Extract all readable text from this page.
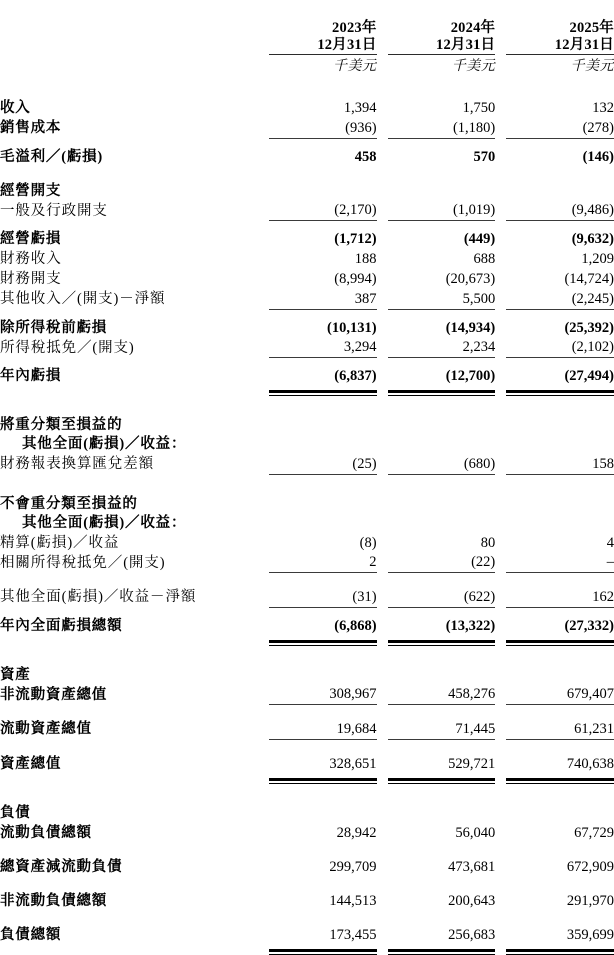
		2023年		2024年		2025年
		12月31日		12月31日		12月31日
		千美元		千美元		千美元

收入
		1,394		1,750		132

銷售成本
		(936)		(1,180)		(278)

毛溢利／(虧損)
		458		570		(146)

經營開支

一般及行政開支
		(2,170)		(1,019)		(9,486)

經營虧損
		(1,712)		(449)		(9,632)

財務收入
		188		688		1,209

財務開支
		(8,994)		(20,673)		(14,724)

其他收入／(開支)－淨額
		387		5,500		(2,245)

除所得稅前虧損
		(10,131)		(14,934)		(25,392)

所得稅抵免／(開支)
		3,294		2,234		(2,102)

年內虧損
		(6,837)		(12,700)		(27,494)

將重分類至損益的						
其他全面(虧損)／收益：						

財務報表換算匯兌差額
		(25)		(680)		158

不會重分類至損益的						
其他全面(虧損)／收益：						

精算(虧損)／收益
		(8)		80		4

相關所得稅抵免／(開支)
		2		(22)		–

其他全面(虧損)／收益－淨額
		(31)		(622)		162

年內全面虧損總額
		(6,868)		(13,322)		(27,332)

資產						

非流動資產總值
		308,967		458,276		679,407

流動資產總值
		19,684		71,445		61,231

資產總值
		328,651		529,721		740,638

負債						

流動負債總額
		28,942		56,040		67,729

總資產減流動負債
		299,709		473,681		672,909

非流動負債總額
		144,513		200,643		291,970

負債總額
		173,455		256,683		359,699
